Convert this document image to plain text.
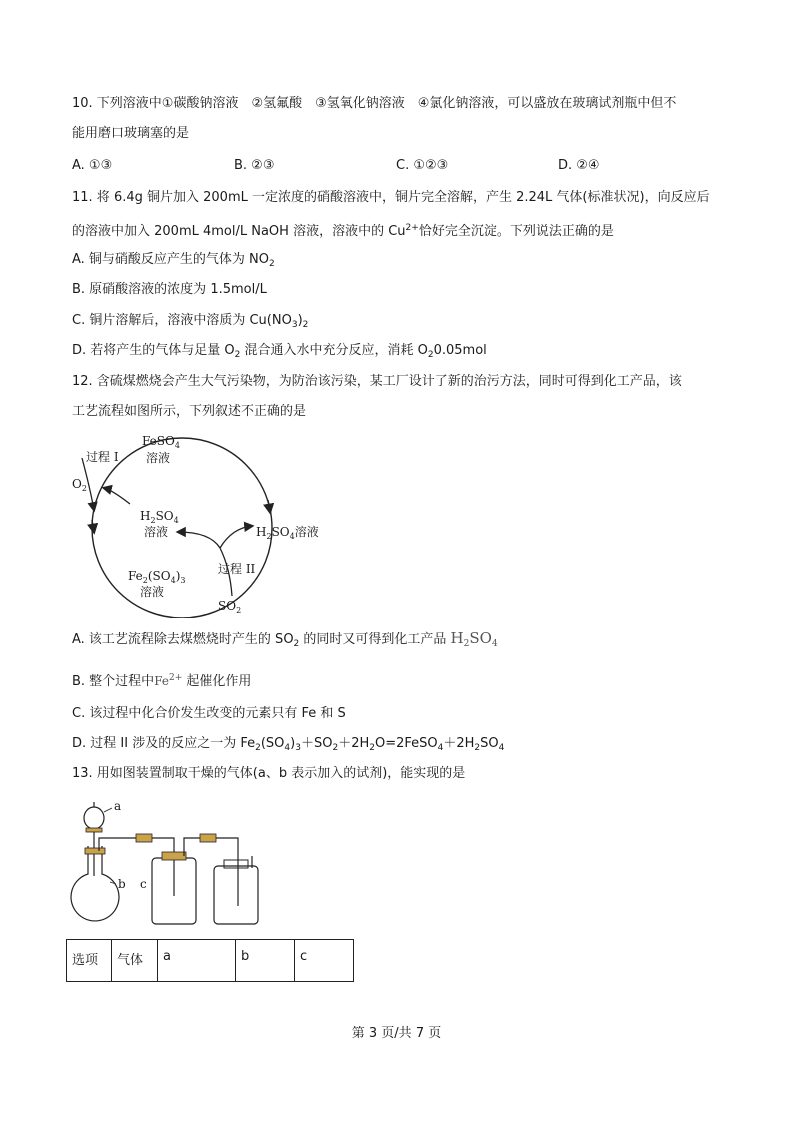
10. 下列溶液中①碳酸钠溶液　②氢氟酸　③氢氧化钠溶液　④氯化钠溶液，可以盛放在玻璃试剂瓶中但不
能用磨口玻璃塞的是
A. ①③	B. ②③	C. ①②③	D. ②④
11. 将 6.4g 铜片加入 200mL 一定浓度的硝酸溶液中，铜片完全溶解，产生 2.24L 气体(标准状况)，向反应后
的溶液中加入 200mL 4mol/L NaOH 溶液，溶液中的 $Cu^{2+}$恰好完全沉淀。下列说法正确的是
A. 铜与硝酸反应产生的气体为 $NO_2$
B. 原硝酸溶液的浓度为 1.5mol/L
C. 铜片溶解后，溶液中溶质为 $Cu(NO_3)_2$
D. 若将产生的气体与足量 $O_2$ 混合通入水中充分反应，消耗 $O_20.05mol$
12. 含硫煤燃烧会产生大气污染物，为防治该污染，某工厂设计了新的治污方法，同时可得到化工产品，该
工艺流程如图所示，下列叙述不正确的是
FeSO$_4$
溶液
过程 I
$O_2$
$H_2SO_4$
溶液	$H_2SO_4$溶液
$Fe_2(SO_4)_3$
溶液
过程 II
$SO_2$
A. 该工艺流程除去煤燃烧时产生的 $SO_2$ 的同时又可得到化工产品 $H_2SO_4$
B. 整个过程中$Fe^{2+}$ 起催化作用
C. 该过程中化合价发生改变的元素只有 Fe 和 S
D. 过程 II 涉及的反应之一为 $Fe_2(SO_4)_3+SO_2+2H_2O=2FeSO_4+2H_2SO_4$
13. 用如图装置制取干燥的气体(a、b 表示加入的试剂)，能实现的是
a
b c
选项	气体	a	b	c
第 3 页/共 7 页
